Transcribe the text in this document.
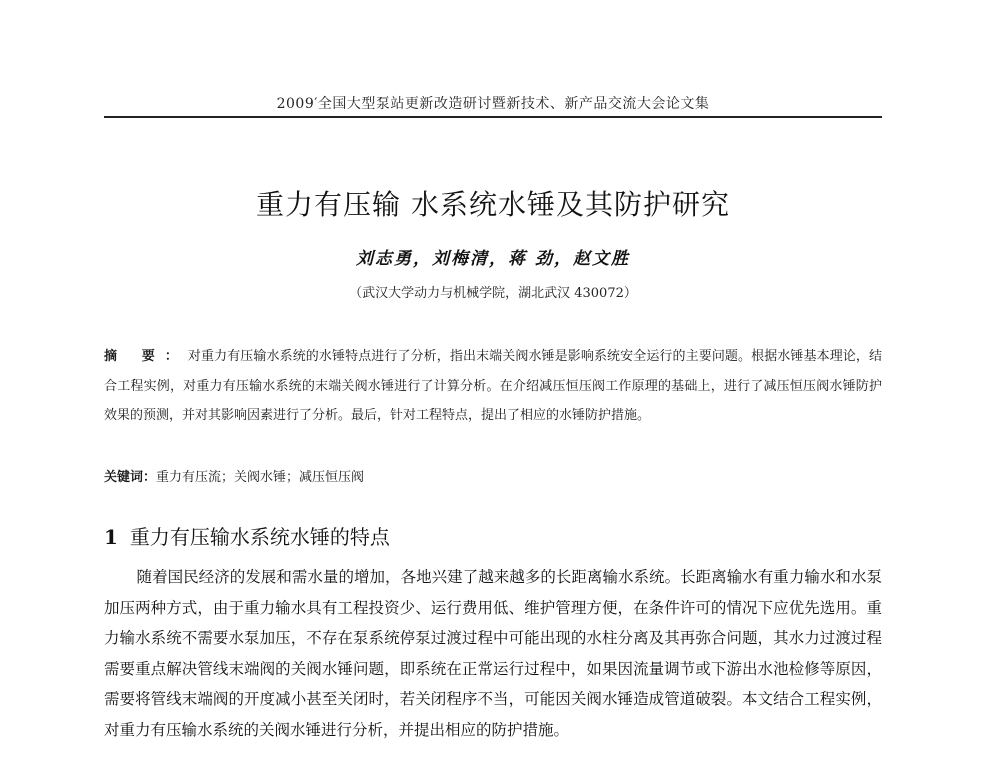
2009′全国大型泵站更新改造研讨暨新技术、新产品交流大会论文集
重力有压输 水系统水锤及其防护研究
刘志勇，刘梅清，蒋 劲，赵文胜
（武汉大学动力与机械学院，湖北武汉 430072）
摘 要：对重力有压输水系统的水锤特点进行了分析，指出末端关阀水锤是影响系统安全运行的主要问题。根据水锤基本理论，结合工程实例，对重力有压输水系统的末端关阀水锤进行了计算分析。在介绍减压恒压阀工作原理的基础上，进行了减压恒压阀水锤防护效果的预测，并对其影响因素进行了分析。最后，针对工程特点，提出了相应的水锤防护措施。
关键词：重力有压流；关阀水锤；减压恒压阀
1 重力有压输水系统水锤的特点
随着国民经济的发展和需水量的增加，各地兴建了越来越多的长距离输水系统。长距离输水有重力输水和水泵加压两种方式，由于重力输水具有工程投资少、运行费用低、维护管理方便，在条件许可的情况下应优先选用。重力输水系统不需要水泵加压，不存在泵系统停泵过渡过程中可能出现的水柱分离及其再弥合问题，其水力过渡过程需要重点解决管线末端阀的关阀水锤问题，即系统在正常运行过程中，如果因流量调节或下游出水池检修等原因，需要将管线末端阀的开度减小甚至关闭时，若关闭程序不当，可能因关阀水锤造成管道破裂。本文结合工程实例，对重力有压输水系统的关阀水锤进行分析，并提出相应的防护措施。
